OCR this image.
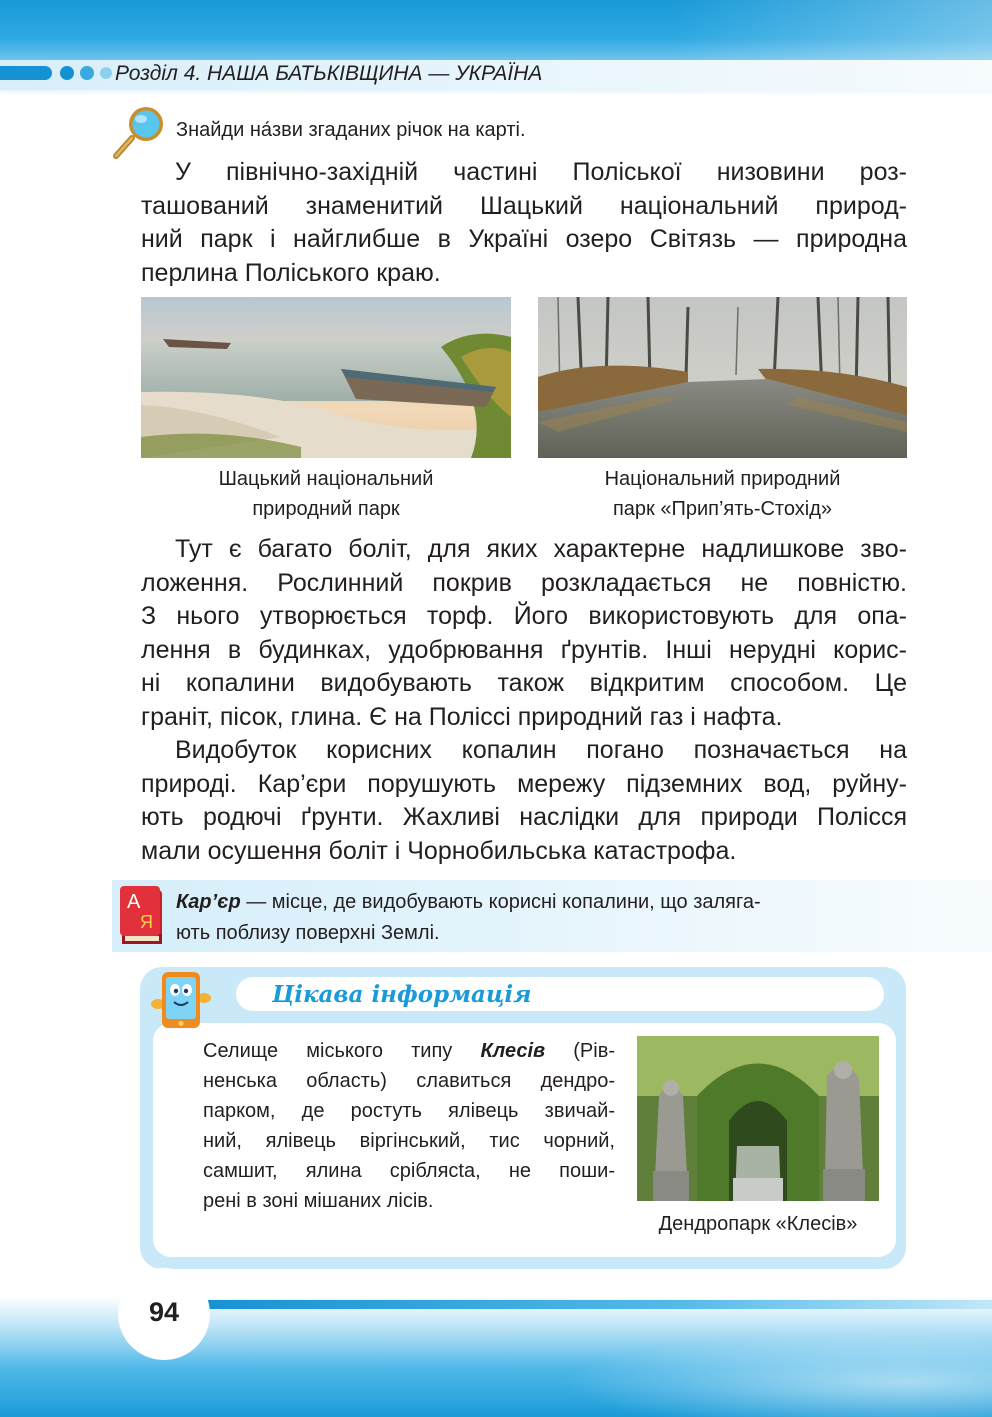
Розділ 4. НАША БАТЬКІВЩИНА — УКРАЇНА
Знайди на́зви згаданих річок на карті.
У північно-західній частині Поліської низовини роз-
ташований знаменитий Шацький національний природ-
ний парк і найглибше в Україні озеро Світязь — природна
перлина Поліського краю.
Шацький національний
природний парк
Національний природний
парк «Прип’ять-Стохід»
Тут є багато боліт, для яких характерне надлишкове зво-
ложення. Рослинний покрив розкладається не повністю.
З нього утворюється торф. Його використовують для опа-
лення в будинках, удобрювання ґрунтів. Інші нерудні корис-
ні копалини видобувають також відкритим способом. Це
граніт, пісок, глина. Є на Поліссі природний газ і нафта.
Видобуток корисних копалин погано позначається на
природі. Кар’єри порушують мережу підземних вод, руйну-
ють родючі ґрунти. Жахливі наслідки для природи Полісся
мали осушення боліт і Чорнобильська катастрофа.
А
Я
Кар’єр — місце, де видобувають корисні копалини, що заляга-
ють поблизу поверхні Землі.
Цікава інформація
Селище міського типу Клесів (Рів-
ненська область) славиться дендро-
парком, де ростуть ялівець звичай-
ний, ялівець віргінський, тис чорний,
самшит, ялина сріблясta, не поши-
рені в зоні мішаних лісів.
Дендропарк «Клесів»
94
